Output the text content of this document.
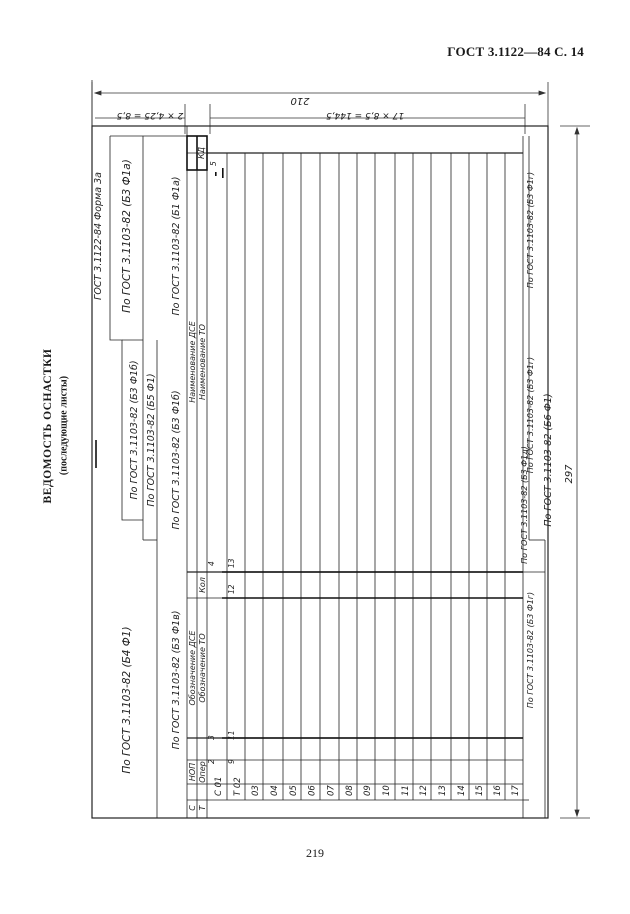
ГОСТ 3.1122—84 С. 14
ВЕДОМОСТЬ ОСНАСТКИ (последующие листы)
ГОСТ 3.1122-84 Форма 3а
210
297
17 × 8,5 = 144,5
2 × 4,25 = 8,5
По ГОСТ 3.1103-82 (Б4 Ф1)
По ГОСТ 3.1103-82 (Б3 Ф1а)
По ГОСТ 3.1103-82 (Б3 Ф1б) По ГОСТ 3.1103-82 (Б5 Ф1)
По ГОСТ 3.1103-82 (Б3 Ф1в)
По ГОСТ 3.1103-82 (Б3 Ф1б)
По ГОСТ 3.1103-82 (Б1 Ф1а)	По ГОСТ 3.1103-82 (Б3 Ф1г)
По ГОСТ 3.1103-82 (Б3 Ф1г)
По ГОСТ 3.1103-82 (Б3 Ф1г)
По ГОСТ 3.1103-82 (Б3 Ф1д) По ГОСТ 3.1103-82 (Б6 Ф1)
С Т
НОП Опер
Обозначение ДСЕ Обозначение ТО
Кол
Наименование ДСЕ Наименование ТО
КД
2
3
4
5
9
11
12
13
С 01 Т 02 03 04 05 06 07 08 09 10 11 12 13 14 15 16 17
219
